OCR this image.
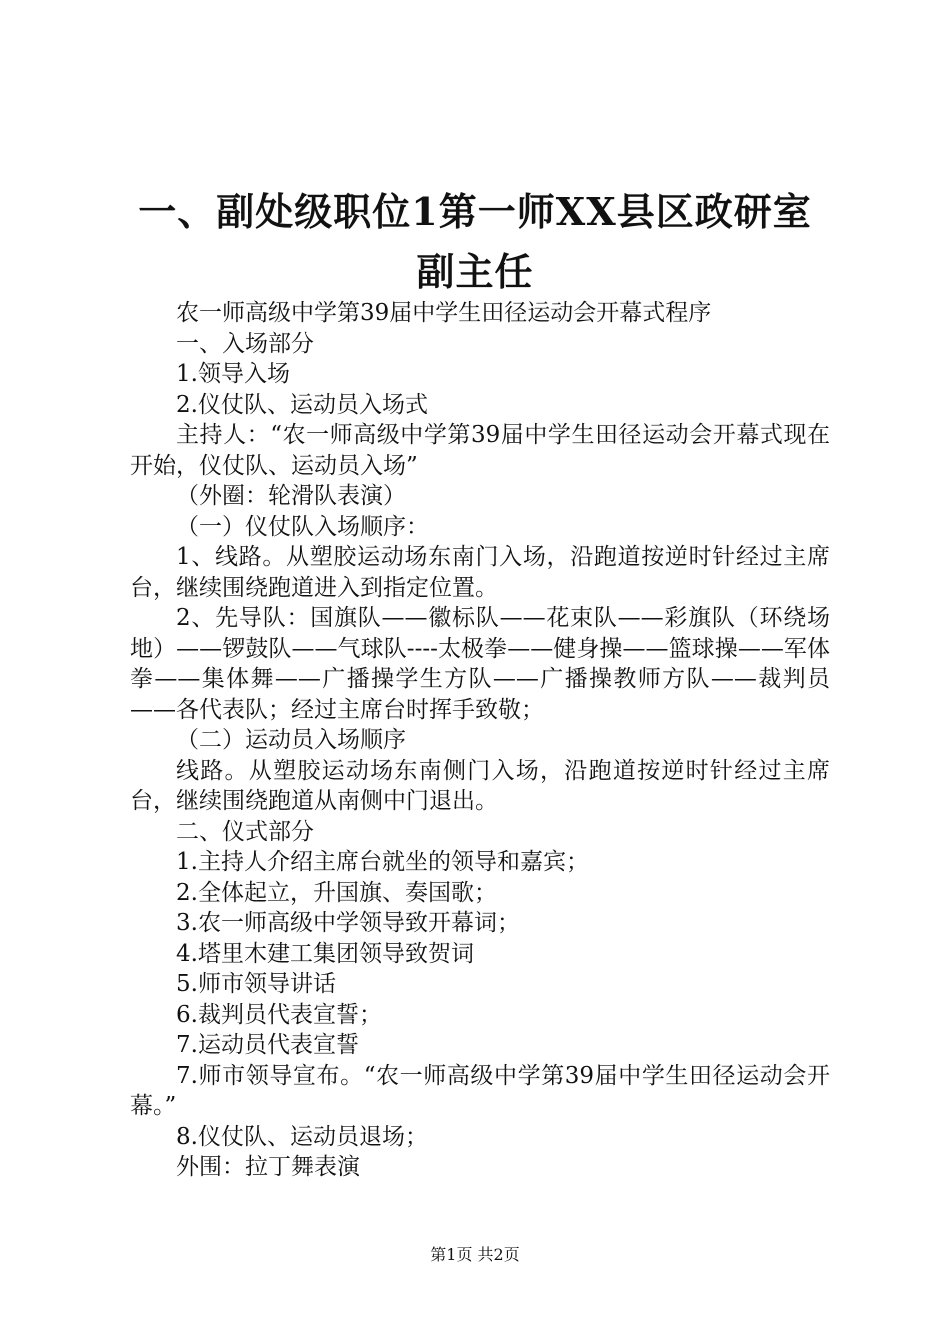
一、副处级职位1第一师XX县区政研室副主任

农一师高级中学第39届中学生田径运动会开幕式程序

一、入场部分

1.领导入场

2.仪仗队、运动员入场式

主持人：“农一师高级中学第39届中学生田径运动会开幕式现在开始，仪仗队、运动员入场”

（外圈：轮滑队表演）

（一）仪仗队入场顺序：

1、线路。从塑胶运动场东南门入场，沿跑道按逆时针经过主席台，继续围绕跑道进入到指定位置。

2、先导队：国旗队——徽标队——花束队——彩旗队（环绕场地）——锣鼓队——气球队----太极拳——健身操——篮球操——军体拳——集体舞——广播操学生方队——广播操教师方队——裁判员——各代表队；经过主席台时挥手致敬；

（二）运动员入场顺序

线路。从塑胶运动场东南侧门入场，沿跑道按逆时针经过主席台，继续围绕跑道从南侧中门退出。

二、仪式部分

1.主持人介绍主席台就坐的领导和嘉宾；

2.全体起立，升国旗、奏国歌；

3.农一师高级中学领导致开幕词；

4.塔里木建工集团领导致贺词

5.师市领导讲话

6.裁判员代表宣誓；

7.运动员代表宣誓

7.师市领导宣布。“农一师高级中学第39届中学生田径运动会开幕。”

8.仪仗队、运动员退场；

外围：拉丁舞表演

第1页 共2页
